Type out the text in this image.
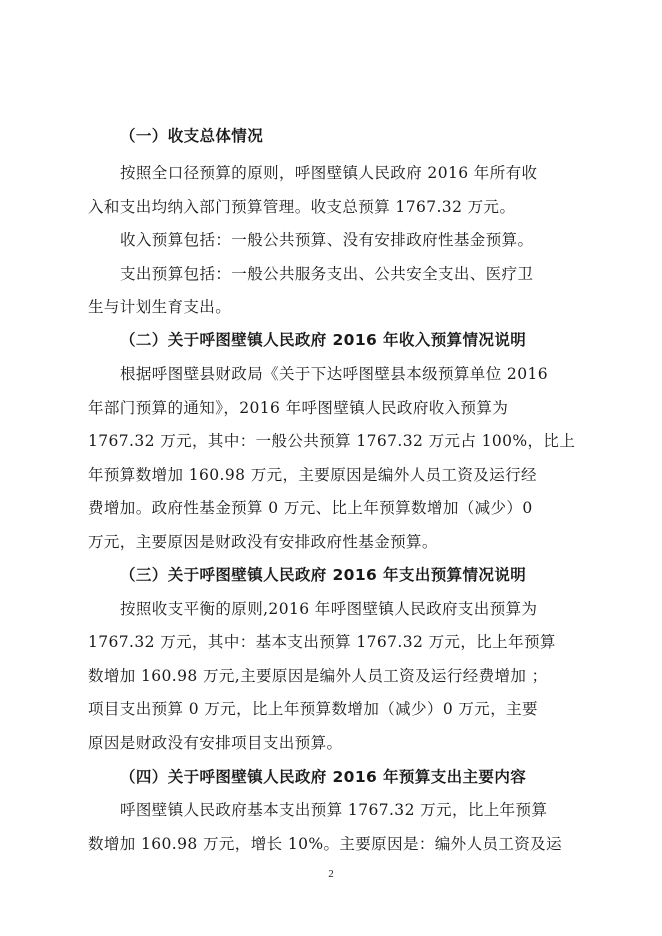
（一）收支总体情况
按照全口径预算的原则，呼图壁镇人民政府 2016 年所有收
入和支出均纳入部门预算管理。收支总预算 1767.32 万元。
收入预算包括：一般公共预算、没有安排政府性基金预算。
支出预算包括：一般公共服务支出、公共安全支出、医疗卫
生与计划生育支出。
（二）关于呼图壁镇人民政府 2016 年收入预算情况说明
根据呼图壁县财政局《关于下达呼图壁县本级预算单位 2016
年部门预算的通知》，2016 年呼图壁镇人民政府收入预算为
1767.32 万元，其中：一般公共预算 1767.32 万元占 100%，比上
年预算数增加 160.98 万元，主要原因是编外人员工资及运行经
费增加。政府性基金预算 0 万元、比上年预算数增加（减少）0
万元，主要原因是财政没有安排政府性基金预算。
（三）关于呼图壁镇人民政府 2016 年支出预算情况说明
按照收支平衡的原则,2016 年呼图壁镇人民政府支出预算为
1767.32 万元，其中：基本支出预算 1767.32 万元，比上年预算
数增加 160.98 万元,主要原因是编外人员工资及运行经费增加 ；
项目支出预算 0 万元，比上年预算数增加（减少）0 万元，主要
原因是财政没有安排项目支出预算。
（四）关于呼图壁镇人民政府 2016 年预算支出主要内容
呼图壁镇人民政府基本支出预算 1767.32 万元，比上年预算
数增加 160.98 万元，增长 10%。主要原因是：编外人员工资及运
2
